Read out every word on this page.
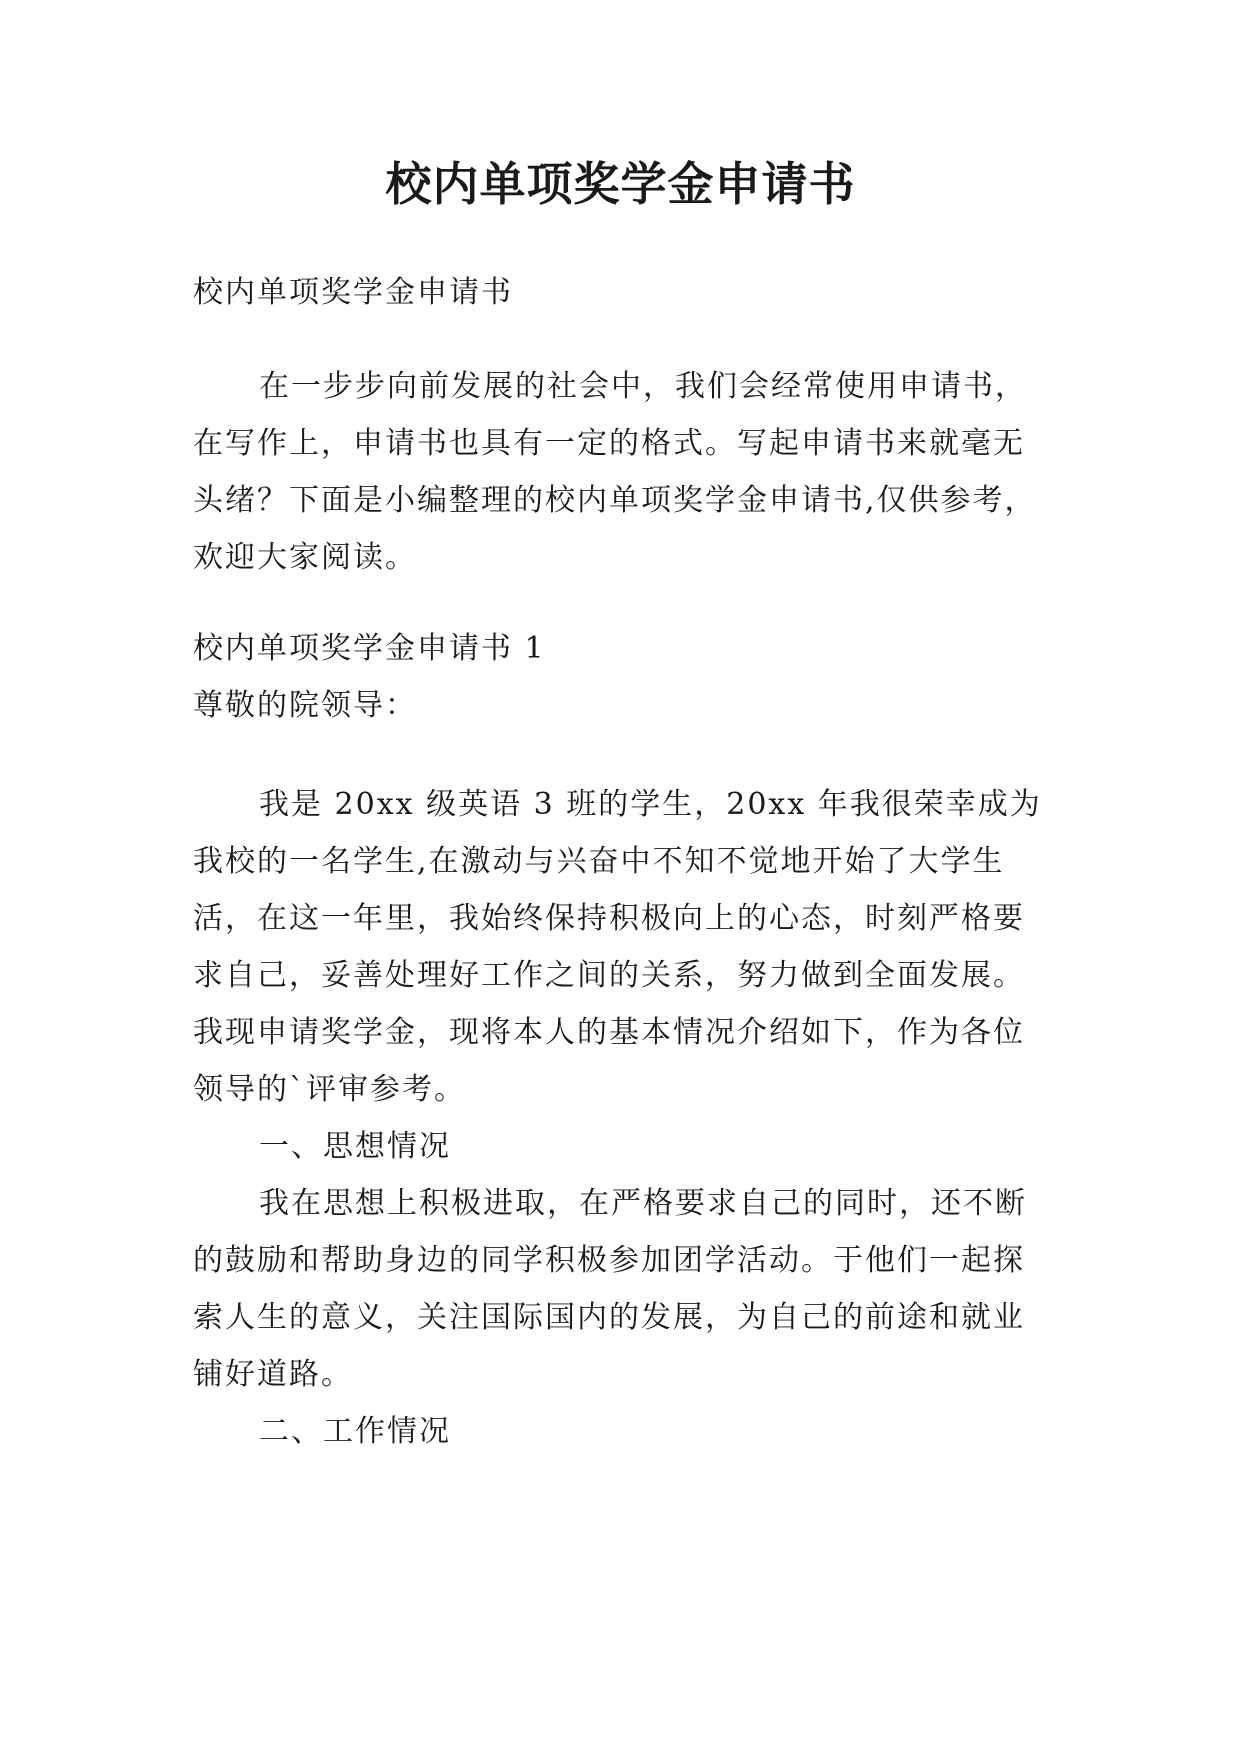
校内单项奖学金申请书

校内单项奖学金申请书

在一步步向前发展的社会中，我们会经常使用申请书，在写作上，申请书也具有一定的格式。写起申请书来就毫无头绪？下面是小编整理的校内单项奖学金申请书,仅供参考，欢迎大家阅读。

校内单项奖学金申请书 1

尊敬的院领导：

我是 20xx 级英语 3 班的学生，20xx 年我很荣幸成为我校的一名学生,在激动与兴奋中不知不觉地开始了大学生活，在这一年里，我始终保持积极向上的心态，时刻严格要求自己，妥善处理好工作之间的关系，努力做到全面发展。我现申请奖学金，现将本人的基本情况介绍如下，作为各位领导的`评审参考。

一、思想情况

我在思想上积极进取，在严格要求自己的同时，还不断的鼓励和帮助身边的同学积极参加团学活动。于他们一起探索人生的意义，关注国际国内的发展，为自己的前途和就业铺好道路。

二、工作情况
